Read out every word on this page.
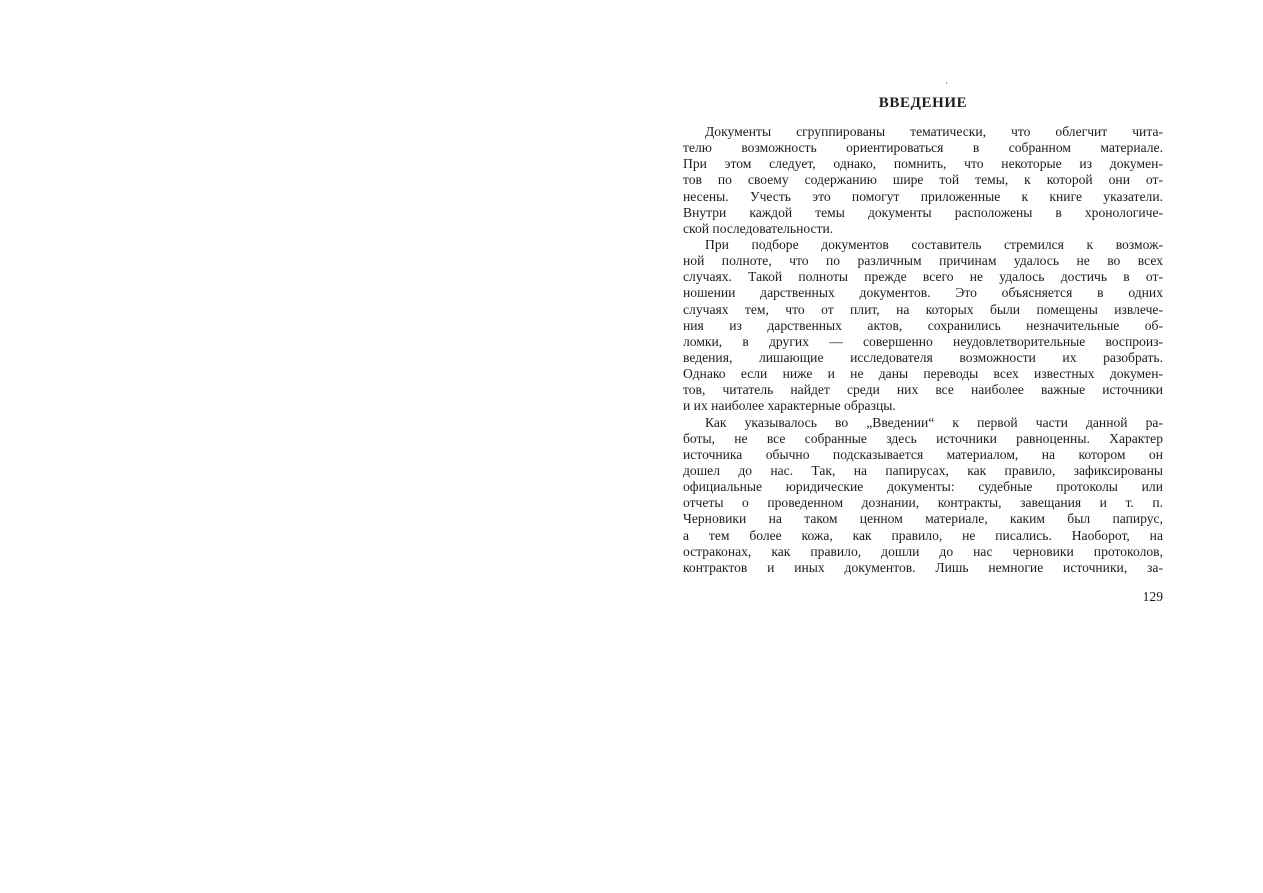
ВВЕДЕНИЕ
Документы сгруппированы тематически, что облегчит чита-
телю возможность ориентироваться в собранном материале.
При этом следует, однако, помнить, что некоторые из докумен-
тов по своему содержанию шире той темы, к которой они от-
несены. Учесть это помогут приложенные к книге указатели.
Внутри каждой темы документы расположены в хронологиче-
ской последовательности.
При подборе документов составитель стремился к возмож-
ной полноте, что по различным причинам удалось не во всех
случаях. Такой полноты прежде всего не удалось достичь в от-
ношении дарственных документов. Это объясняется в одних
случаях тем, что от плит, на которых были помещены извлече-
ния из дарственных актов, сохранились незначительные об-
ломки, в других — совершенно неудовлетворительные воспроиз-
ведения, лишающие исследователя возможности их разобрать.
Однако если ниже и не даны переводы всех известных докумен-
тов, читатель найдет среди них все наиболее важные источники
и их наиболее характерные образцы.
Как указывалось во „Введении“ к первой части данной ра-
боты, не все собранные здесь источники равноценны. Характер
источника обычно подсказывается материалом, на котором он
дошел до нас. Так, на папирусах, как правило, зафиксированы
официальные юридические документы: судебные протоколы или
отчеты о проведенном дознании, контракты, завещания и т. п.
Черновики на таком ценном материале, каким был папирус,
а тем более кожа, как правило, не писались. Наоборот, на
остраконах, как правило, дошли до нас черновики протоколов,
контрактов и иных документов. Лишь немногие источники, за-
129
